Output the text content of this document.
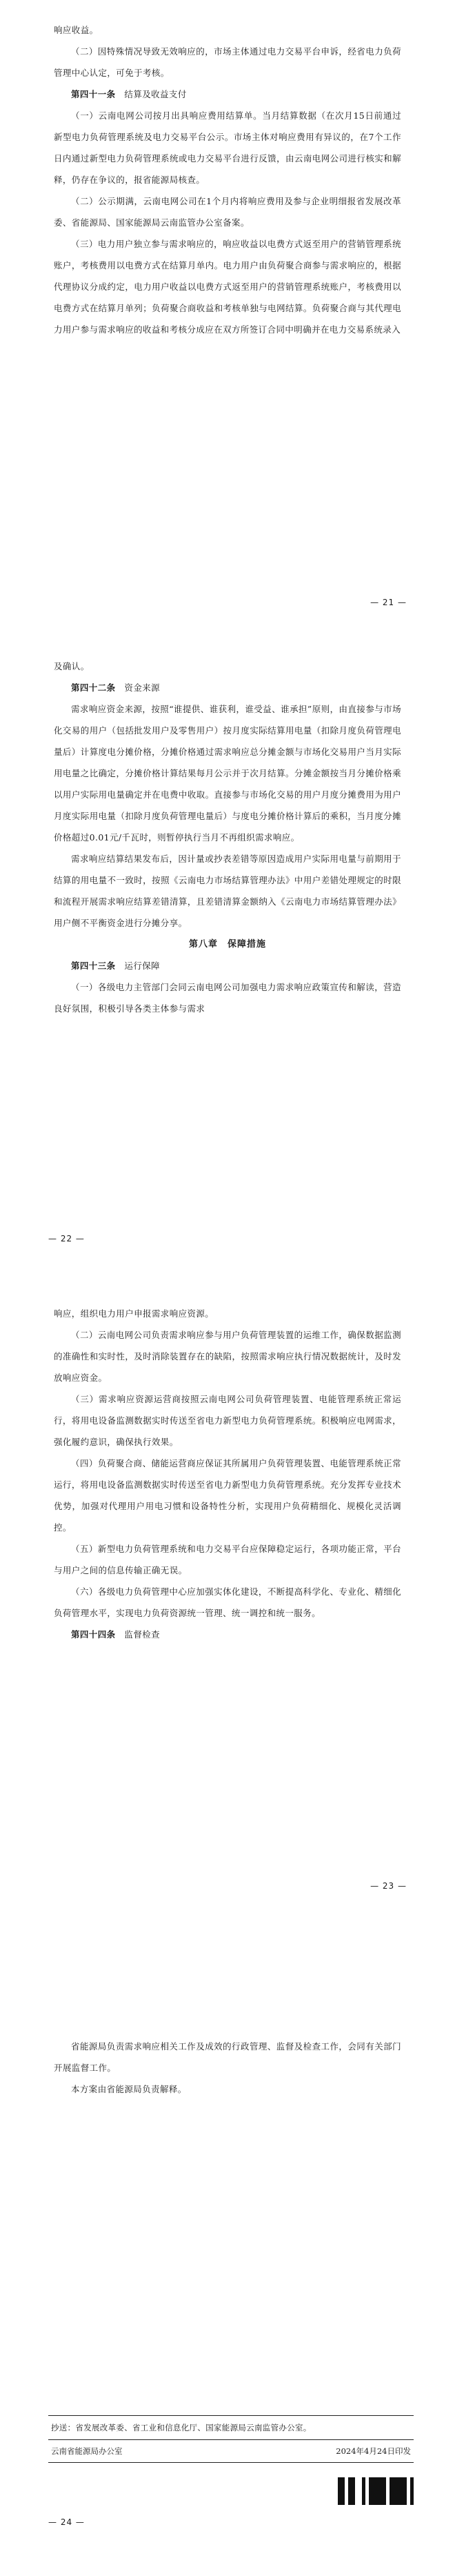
响应收益。

（二）因特殊情况导致无效响应的，市场主体通过电力交易平台申诉，经省电力负荷管理中心认定，可免于考核。

第四十一条　 结算及收益支付

（一）云南电网公司按月出具响应费用结算单。当月结算数据（在次月15日前通过新型电力负荷管理系统及电力交易平台公示。市场主体对响应费用有异议的，在7个工作日内通过新型电力负荷管理系统或电力交易平台进行反馈，由云南电网公司进行核实和解释，仍存在争议的，报省能源局核查。

（二）公示期满，云南电网公司在1个月内将响应费用及参与企业明细报省发展改革委、省能源局、国家能源局云南监管办公室备案。

（三）电力用户独立参与需求响应的，响应收益以电费方式返至用户的营销管理系统账户，考核费用以电费方式在结算月单内。电力用户由负荷聚合商参与需求响应的，根据代理协议分成约定，电力用户收益以电费方式返至用户的营销管理系统账户，考核费用以电费方式在结算月单列；负荷聚合商收益和考核单独与电网结算。负荷聚合商与其代理电力用户参与需求响应的收益和考核分成应在双方所签订合同中明确并在电力交易系统录入

— 21 —

及确认。

第四十二条　 资金来源

需求响应资金来源，按照“谁提供、谁获利，谁受益、谁承担”原则，由直接参与市场化交易的用户（包括批发用户及零售用户）按月度实际结算用电量（扣除月度负荷管理电量后）计算度电分摊价格，分摊价格通过需求响应总分摊金额与市场化交易用户当月实际用电量之比确定，分摊价格计算结果每月公示并于次月结算。分摊金额按当月分摊价格乘以用户实际用电量确定并在电费中收取。直接参与市场化交易的用户月度分摊费用为用户月度实际用电量（扣除月度负荷管理电量后）与度电分摊价格计算后的乘积，当月度分摊价格超过0.01元/千瓦时，则暂停执行当月不再组织需求响应。

需求响应结算结果发布后，因计量或抄表差错等原因造成用户实际用电量与前期用于结算的用电量不一致时，按照《云南电力市场结算管理办法》中用户差错处理规定的时限和流程开展需求响应结算差错清算，且差错清算金额纳入《云南电力市场结算管理办法》用户侧不平衡资金进行分摊分享。

第八章　保障措施

第四十三条　 运行保障

（一）各级电力主管部门会同云南电网公司加强电力需求响应政策宣传和解读，营造良好氛围，积极引导各类主体参与需求

— 22 —

响应，组织电力用户申报需求响应资源。

（二）云南电网公司负责需求响应参与用户负荷管理装置的运维工作，确保数据监测的准确性和实时性，及时消除装置存在的缺陷，按照需求响应执行情况数据统计，及时发放响应资金。

（三）需求响应资源运营商按照云南电网公司负荷管理装置、电能管理系统正常运行，将用电设备监测数据实时传送至省电力新型电力负荷管理系统。积极响应电网需求，强化履约意识，确保执行效果。

（四）负荷聚合商、储能运营商应保证其所属用户负荷管理装置、电能管理系统正常运行，将用电设备监测数据实时传送至省电力新型电力负荷管理系统。充分发挥专业技术优势，加强对代理用户用电习惯和设备特性分析，实现用户负荷精细化、规模化灵活调控。

（五）新型电力负荷管理系统和电力交易平台应保障稳定运行，各项功能正常，平台与用户之间的信息传输正确无误。

（六）各级电力负荷管理中心应加强实体化建设，不断提高科学化、专业化、精细化负荷管理水平，实现电力负荷资源统一管理、统一调控和统一服务。

第四十四条　 监督检查

— 23 —

省能源局负责需求响应相关工作及成效的行政管理、监督及检查工作，会同有关部门开展监督工作。

本方案由省能源局负责解释。

抄送：省发展改革委、省工业和信息化厅、国家能源局云南监管办公室。
云南省能源局办公室	2024年4月24日印发
— 24 —
